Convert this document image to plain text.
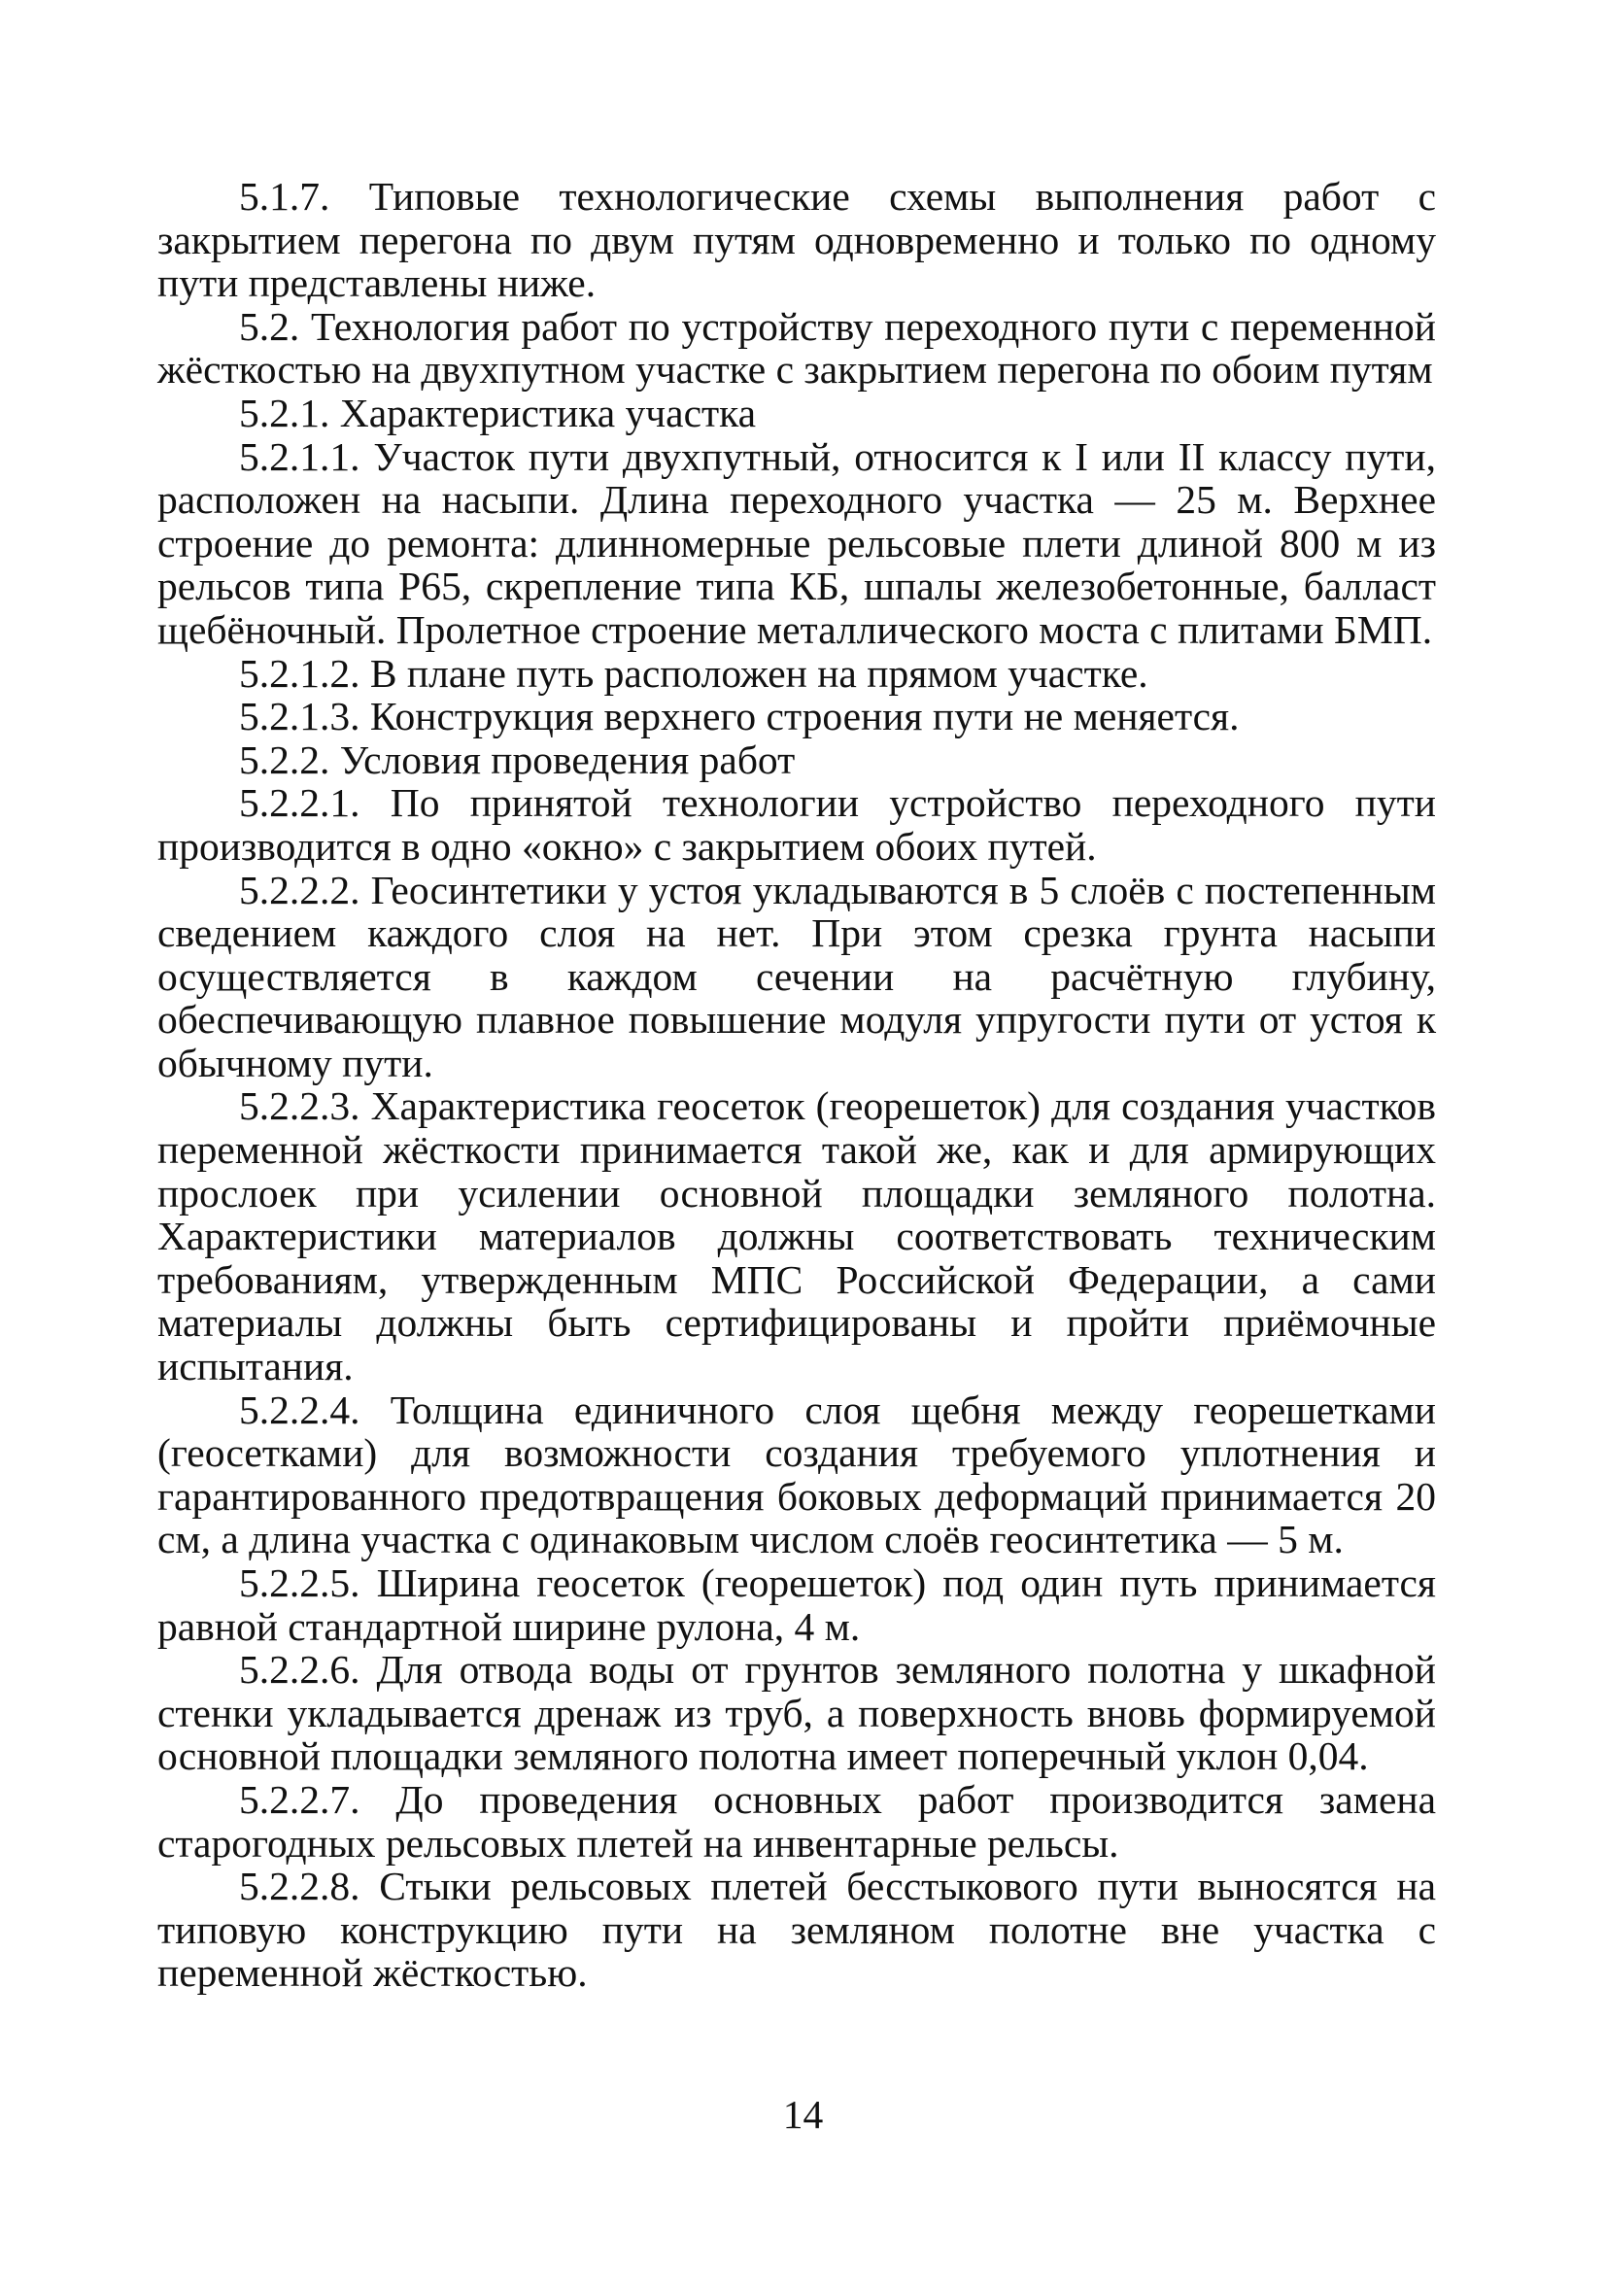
5.1.7. Типовые технологические схемы выполнения работ с закрытием перегона по двум путям одновременно и только по одному пути представлены ниже.

5.2. Технология работ по устройству переходного пути с переменной жёсткостью на двухпутном участке с закрытием перегона по обоим путям

5.2.1. Характеристика участка

5.2.1.1. Участок пути двухпутный, относится к I или II классу пути, расположен на насыпи. Длина переходного участка — 25 м. Верхнее строение до ремонта: длинномерные рельсовые плети длиной 800 м из рельсов типа Р65, скрепление типа КБ, шпалы железобетонные, балласт щебёночный. Пролетное строение металлического моста с плитами БМП.

5.2.1.2. В плане путь расположен на прямом участке.

5.2.1.3. Конструкция верхнего строения пути не меняется.

5.2.2. Условия проведения работ

5.2.2.1. По принятой технологии устройство переходного пути производится в одно «окно» с закрытием обоих путей.

5.2.2.2. Геосинтетики у устоя укладываются в 5 слоёв с постепенным сведением каждого слоя на нет. При этом срезка грунта насыпи осуществляется в каждом сечении на расчётную глубину, обеспечивающую плавное повышение модуля упругости пути от устоя к обычному пути.

5.2.2.3. Характеристика геосеток (георешеток) для создания участков переменной жёсткости принимается такой же, как и для армирующих прослоек при усилении основной площадки земляного полотна. Характеристики материалов должны соответствовать техническим требованиям, утвержденным МПС Российской Федерации, а сами материалы должны быть сертифицированы и пройти приёмочные испытания.

5.2.2.4. Толщина единичного слоя щебня между георешетками (геосетками) для возможности создания требуемого уплотнения и гарантированного предотвращения боковых деформаций принимается 20 см, а длина участка с одинаковым числом слоёв геосинтетика — 5 м.

5.2.2.5. Ширина геосеток (георешеток) под один путь принимается равной стандартной ширине рулона, 4 м.

5.2.2.6. Для отвода воды от грунтов земляного полотна у шкафной стенки укладывается дренаж из труб, а поверхность вновь формируемой основной площадки земляного полотна имеет поперечный уклон 0,04.

5.2.2.7. До проведения основных работ производится замена старогодных рельсовых плетей на инвентарные рельсы.

5.2.2.8. Стыки рельсовых плетей бесстыкового пути выносятся на типовую конструкцию пути на земляном полотне вне участка с переменной жёсткостью.

14
